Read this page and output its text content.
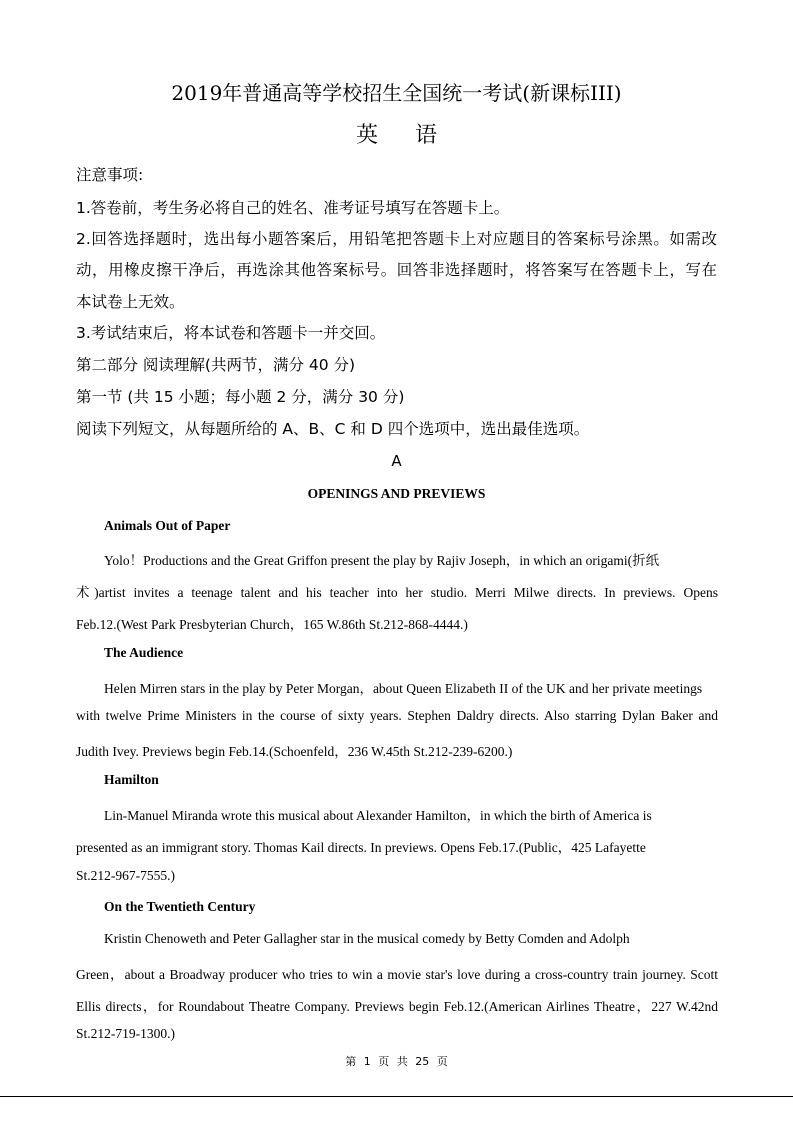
2019年普通高等学校招生全国统一考试(新课标III)
英 语
注意事项:
1.答卷前，考生务必将自己的姓名、准考证号填写在答题卡上。
2.回答选择题时，选出每小题答案后，用铅笔把答题卡上对应题目的答案标号涂黑。如需改
动，用橡皮擦干净后，再选涂其他答案标号。回答非选择题时，将答案写在答题卡上，写在
本试卷上无效。
3.考试结束后，将本试卷和答题卡一并交回。
第二部分 阅读理解(共两节，满分 40 分)
第一节 (共 15 小题；每小题 2 分，满分 30 分)
阅读下列短文，从每题所给的 A、B、C 和 D 四个选项中，选出最佳选项。
A
OPENINGS AND PREVIEWS
Animals Out of Paper
Yolo！Productions and the Great Griffon present the play by Rajiv Joseph，in which an origami(折纸
术)artist invites a teenage talent and his teacher into her studio. Merri Milwe directs. In previews. Opens
Feb.12.(West Park Presbyterian Church，165 W.86th St.212-868-4444.)
The Audience
Helen Mirren stars in the play by Peter Morgan，about Queen Elizabeth II of the UK and her private meetings
with twelve Prime Ministers in the course of sixty years. Stephen Daldry directs. Also starring Dylan Baker and
Judith Ivey. Previews begin Feb.14.(Schoenfeld，236 W.45th St.212-239-6200.)
Hamilton
Lin-Manuel Miranda wrote this musical about Alexander Hamilton，in which the birth of America is
presented as an immigrant story. Thomas Kail directs. In previews. Opens Feb.17.(Public，425 Lafayette
St.212-967-7555.)
On the Twentieth Century
Kristin Chenoweth and Peter Gallagher star in the musical comedy by Betty Comden and Adolph
Green，about a Broadway producer who tries to win a movie star's love during a cross-country train journey. Scott
Ellis directs，for Roundabout Theatre Company. Previews begin Feb.12.(American Airlines Theatre，227 W.42nd
St.212-719-1300.)
第 1 页 共 25 页
